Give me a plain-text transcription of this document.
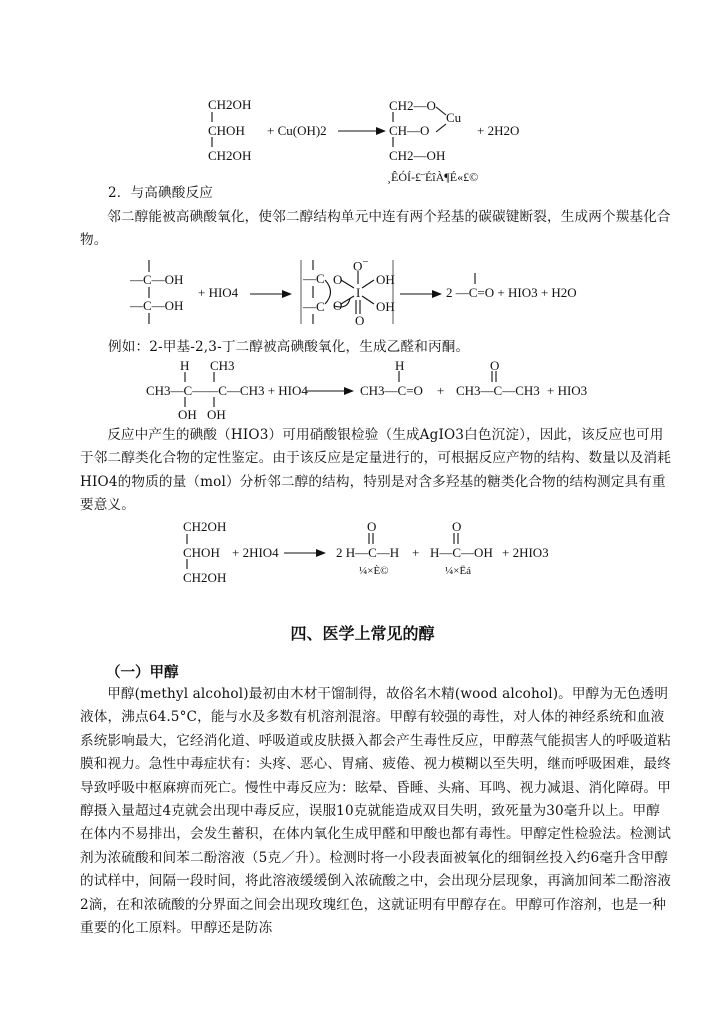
CH2OH
CHOH
CH2OH
+ Cu(OH)2 →
CH2—O
CH—O
CH2—OH
Cu
+ 2H2O
¸ÊÓÍ-£¨ÉîÀ¶É«£©
2．与高碘酸反应
邻二醇能被高碘酸氧化，使邻二醇结构单元中连有两个羟基的碳碳键断裂，生成两个羰基化合物。
—C—OH
—C—OH
+ HIO4 →
O−
—C
—C
O
O
I
OH
OH
O
→ 2 —C=O + HIO3 + H2O
例如：2-甲基-2,3-丁二醇被高碘酸氧化，生成乙醛和丙酮。
H CH3
CH3—C——C—CH3 + HIO4
OH OH
H
CH3—C=O +
O
CH3—C—CH3 + HIO3
反应中产生的碘酸（HIO3）可用硝酸银检验（生成AgIO3白色沉淀），因此，该反应也可用于邻二醇类化合物的定性鉴定。由于该反应是定量进行的，可根据反应产物的结构、数量以及消耗HIO4的物质的量（mol）分析邻二醇的结构，特别是对含多羟基的糖类化合物的结构测定具有重要意义。
CH2OH
CHOH
CH2OH
+ 2HIO4 →
O
2 H—C—H +
O
H—C—OH + 2HIO3
¼×È©	¼×Ëá
四、医学上常见的醇
（一）甲醇
甲醇(methyl alcohol)最初由木材干馏制得，故俗名木精(wood alcohol)。甲醇为无色透明液体，沸点64.5°C，能与水及多数有机溶剂混溶。甲醇有较强的毒性，对人体的神经系统和血液系统影响最大，它经消化道、呼吸道或皮肤摄入都会产生毒性反应，甲醇蒸气能损害人的呼吸道粘膜和视力。急性中毒症状有：头疼、恶心、胃痛、疲倦、视力模糊以至失明，继而呼吸困难，最终导致呼吸中枢麻痹而死亡。慢性中毒反应为：眩晕、昏睡、头痛、耳鸣、视力减退、消化障碍。甲醇摄入量超过4克就会出现中毒反应，误服10克就能造成双目失明，致死量为30毫升以上。甲醇在体内不易排出，会发生蓄积，在体内氧化生成甲醛和甲酸也都有毒性。甲醇定性检验法。检测试剂为浓硫酸和间苯二酚溶液（5克／升）。检测时将一小段表面被氧化的细铜丝投入约6毫升含甲醇的试样中，间隔一段时间，将此溶液缓缓倒入浓硫酸之中，会出现分层现象，再滴加间苯二酚溶液2滴，在和浓硫酸的分界面之间会出现玫瑰红色，这就证明有甲醇存在。甲醇可作溶剂，也是一种重要的化工原料。甲醇还是防冻
